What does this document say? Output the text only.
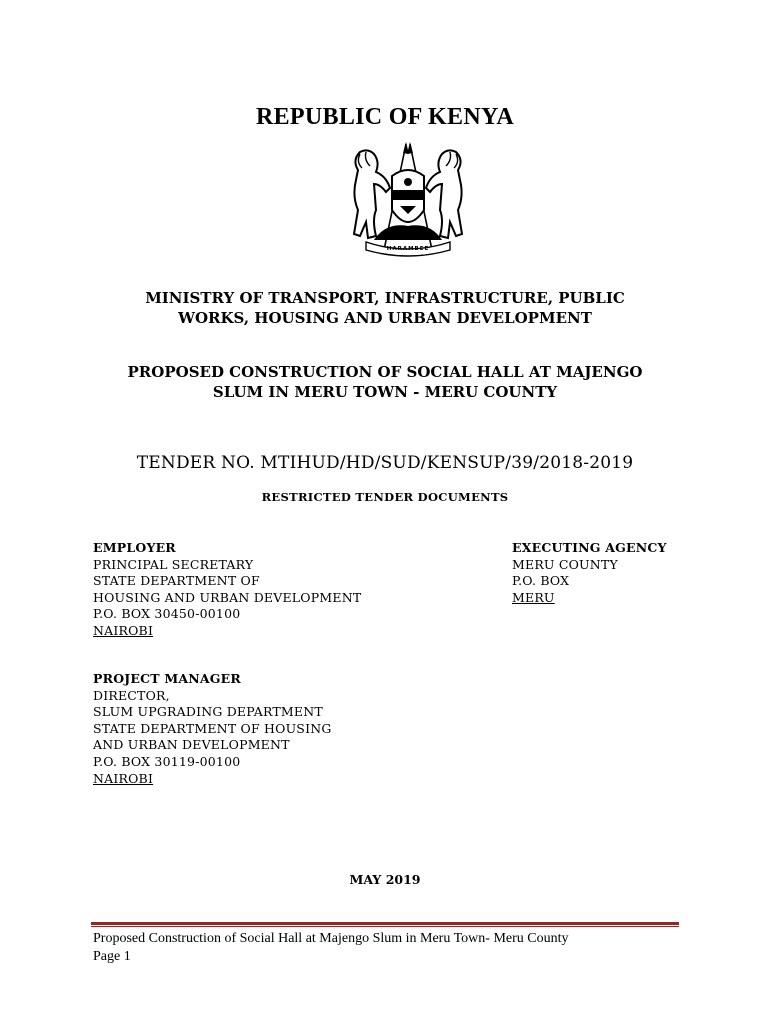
REPUBLIC OF KENYA
HARAMBEE
MINISTRY OF TRANSPORT, INFRASTRUCTURE, PUBLIC
WORKS, HOUSING AND URBAN DEVELOPMENT
PROPOSED CONSTRUCTION OF SOCIAL HALL AT MAJENGO
SLUM IN MERU TOWN - MERU COUNTY
TENDER NO. MTIHUD/HD/SUD/KENSUP/39/2018-2019
RESTRICTED TENDER DOCUMENTS
EMPLOYER
PRINCIPAL SECRETARY
STATE DEPARTMENT OF
HOUSING AND URBAN DEVELOPMENT
P.O. BOX 30450-00100
NAIROBI
EXECUTING AGENCY
MERU COUNTY
P.O. BOX
MERU
PROJECT MANAGER
DIRECTOR,
SLUM UPGRADING DEPARTMENT
STATE DEPARTMENT OF HOUSING
AND URBAN DEVELOPMENT
P.O. BOX 30119-00100
NAIROBI
MAY 2019
Proposed Construction of Social Hall at Majengo Slum in Meru Town- Meru County
Page 1
